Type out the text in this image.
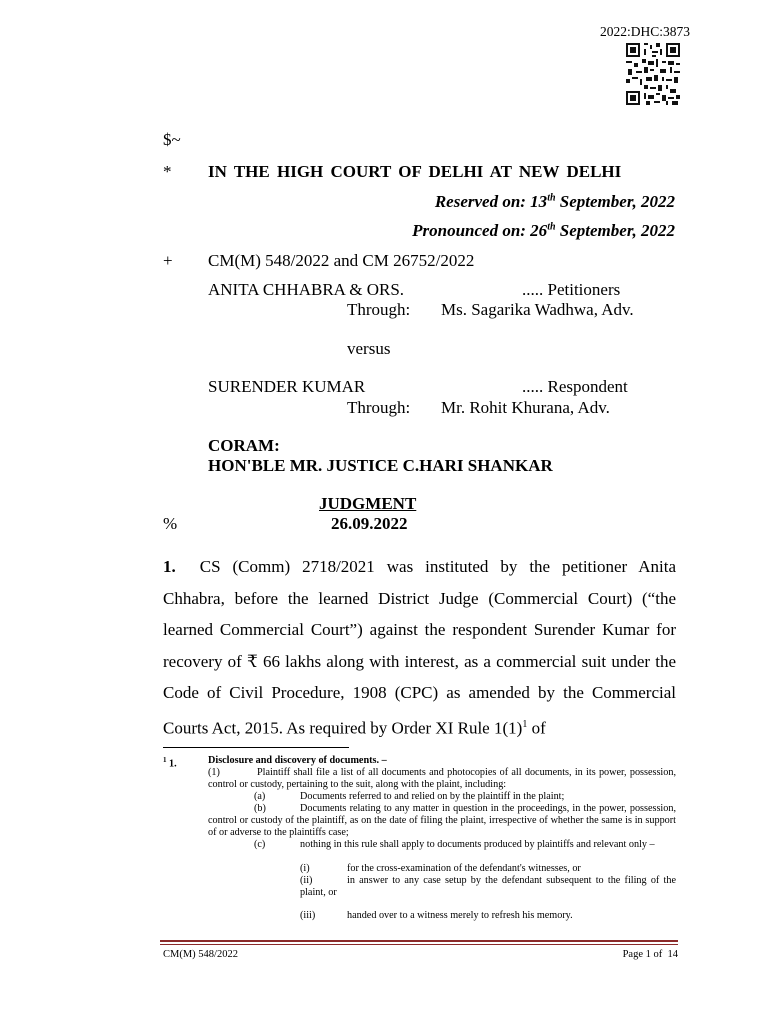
2022:DHC:3873
$~
* IN THE HIGH COURT OF DELHI AT NEW DELHI
Reserved on: 13th September, 2022
Pronounced on: 26th September, 2022
+ CM(M) 548/2022 and CM 26752/2022
ANITA CHHABRA & ORS.	..... Petitioners
Through: Ms. Sagarika Wadhwa, Adv.
versus
SURENDER KUMAR	..... Respondent
Through: Mr. Rohit Khurana, Adv.
CORAM:
HON'BLE MR. JUSTICE C.HARI SHANKAR
JUDGMENT
%	26.09.2022

1. CS (Comm) 2718/2021 was instituted by the petitioner Anita Chhabra, before the learned District Judge (Commercial Court) (“the learned Commercial Court”) against the respondent Surender Kumar for recovery of ₹ 66 lakhs along with interest, as a commercial suit under the Code of Civil Procedure, 1908 (CPC) as amended by the Commercial Courts Act, 2015. As required by Order XI Rule $1(1)^1$ of

$^1$ 1.	Disclosure and discovery of documents. –
(1)	Plaintiff shall file a list of all documents and photocopies of all documents, in its power, possession, control or custody, pertaining to the suit, along with the plaint, including:
(a)	Documents referred to and relied on by the plaintiff in the plaint;
(b)	Documents relating to any matter in question in the proceedings, in the power, possession, control or custody of the plaintiff, as on the date of filing the plaint, irrespective of whether the same is in support of or adverse to the plaintiffs case;
(c)	nothing in this rule shall apply to documents produced by plaintiffs and relevant only –
(i)	for the cross-examination of the defendant's witnesses, or
(ii)	in answer to any case setup by the defendant subsequent to the filing of the plaint, or
(iii)	handed over to a witness merely to refresh his memory.
CM(M) 548/2022	Page 1 of  14
